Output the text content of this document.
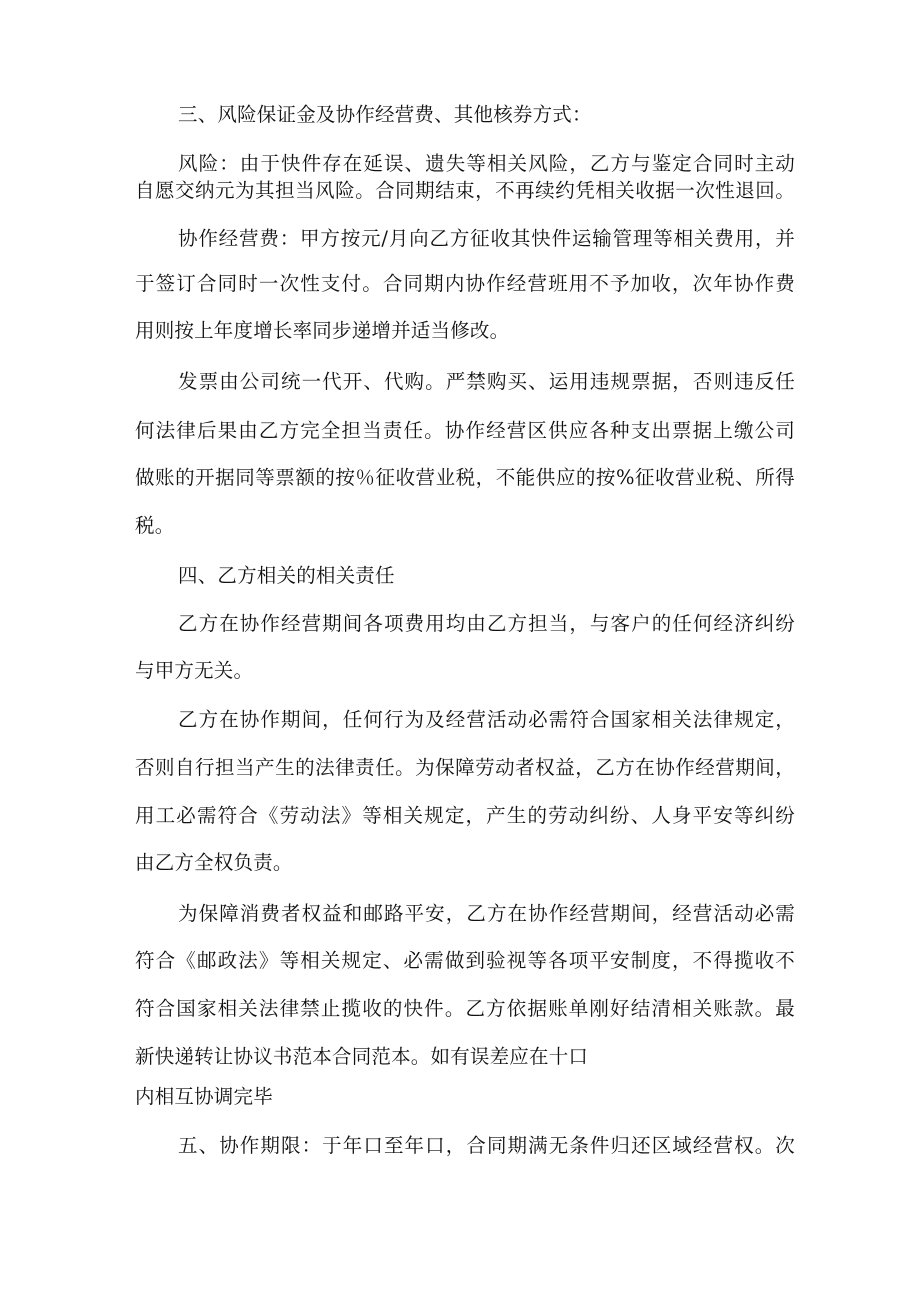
三、风险保证金及协作经营费、其他核券方式：
风险：由于快件存在延误、遗失等相关风险，乙方与鉴定合同时主动
自愿交纳元为其担当风险。合同期结束，不再续约凭相关收据一次性退回。
协作经营费：甲方按元/月向乙方征收其快件运输管理等相关费用，并
于签订合同时一次性支付。合同期内协作经营班用不予加收，次年协作费
用则按上年度增长率同步递增并适当修改。
发票由公司统一代开、代购。严禁购买、运用违规票据，否则违反任
何法律后果由乙方完全担当责任。协作经营区供应各种支出票据上缴公司
做账的开据同等票额的按％征收营业税，不能供应的按%征收营业税、所得
税。
四、乙方相关的相关责任
乙方在协作经营期间各项费用均由乙方担当，与客户的任何经济纠纷
与甲方无关。
乙方在协作期间，任何行为及经营活动必需符合国家相关法律规定，
否则自行担当产生的法律责任。为保障劳动者权益，乙方在协作经营期间，
用工必需符合《劳动法》等相关规定，产生的劳动纠纷、人身平安等纠纷
由乙方全权负责。
为保障消费者权益和邮路平安，乙方在协作经营期间，经营活动必需
符合《邮政法》等相关规定、必需做到验视等各项平安制度，不得揽收不
符合国家相关法律禁止揽收的快件。乙方依据账单刚好结清相关账款。最
新快递转让协议书范本合同范本。如有误差应在十口
内相互协调完毕
五、协作期限：于年口至年口，合同期满无条件归还区域经营权。次
